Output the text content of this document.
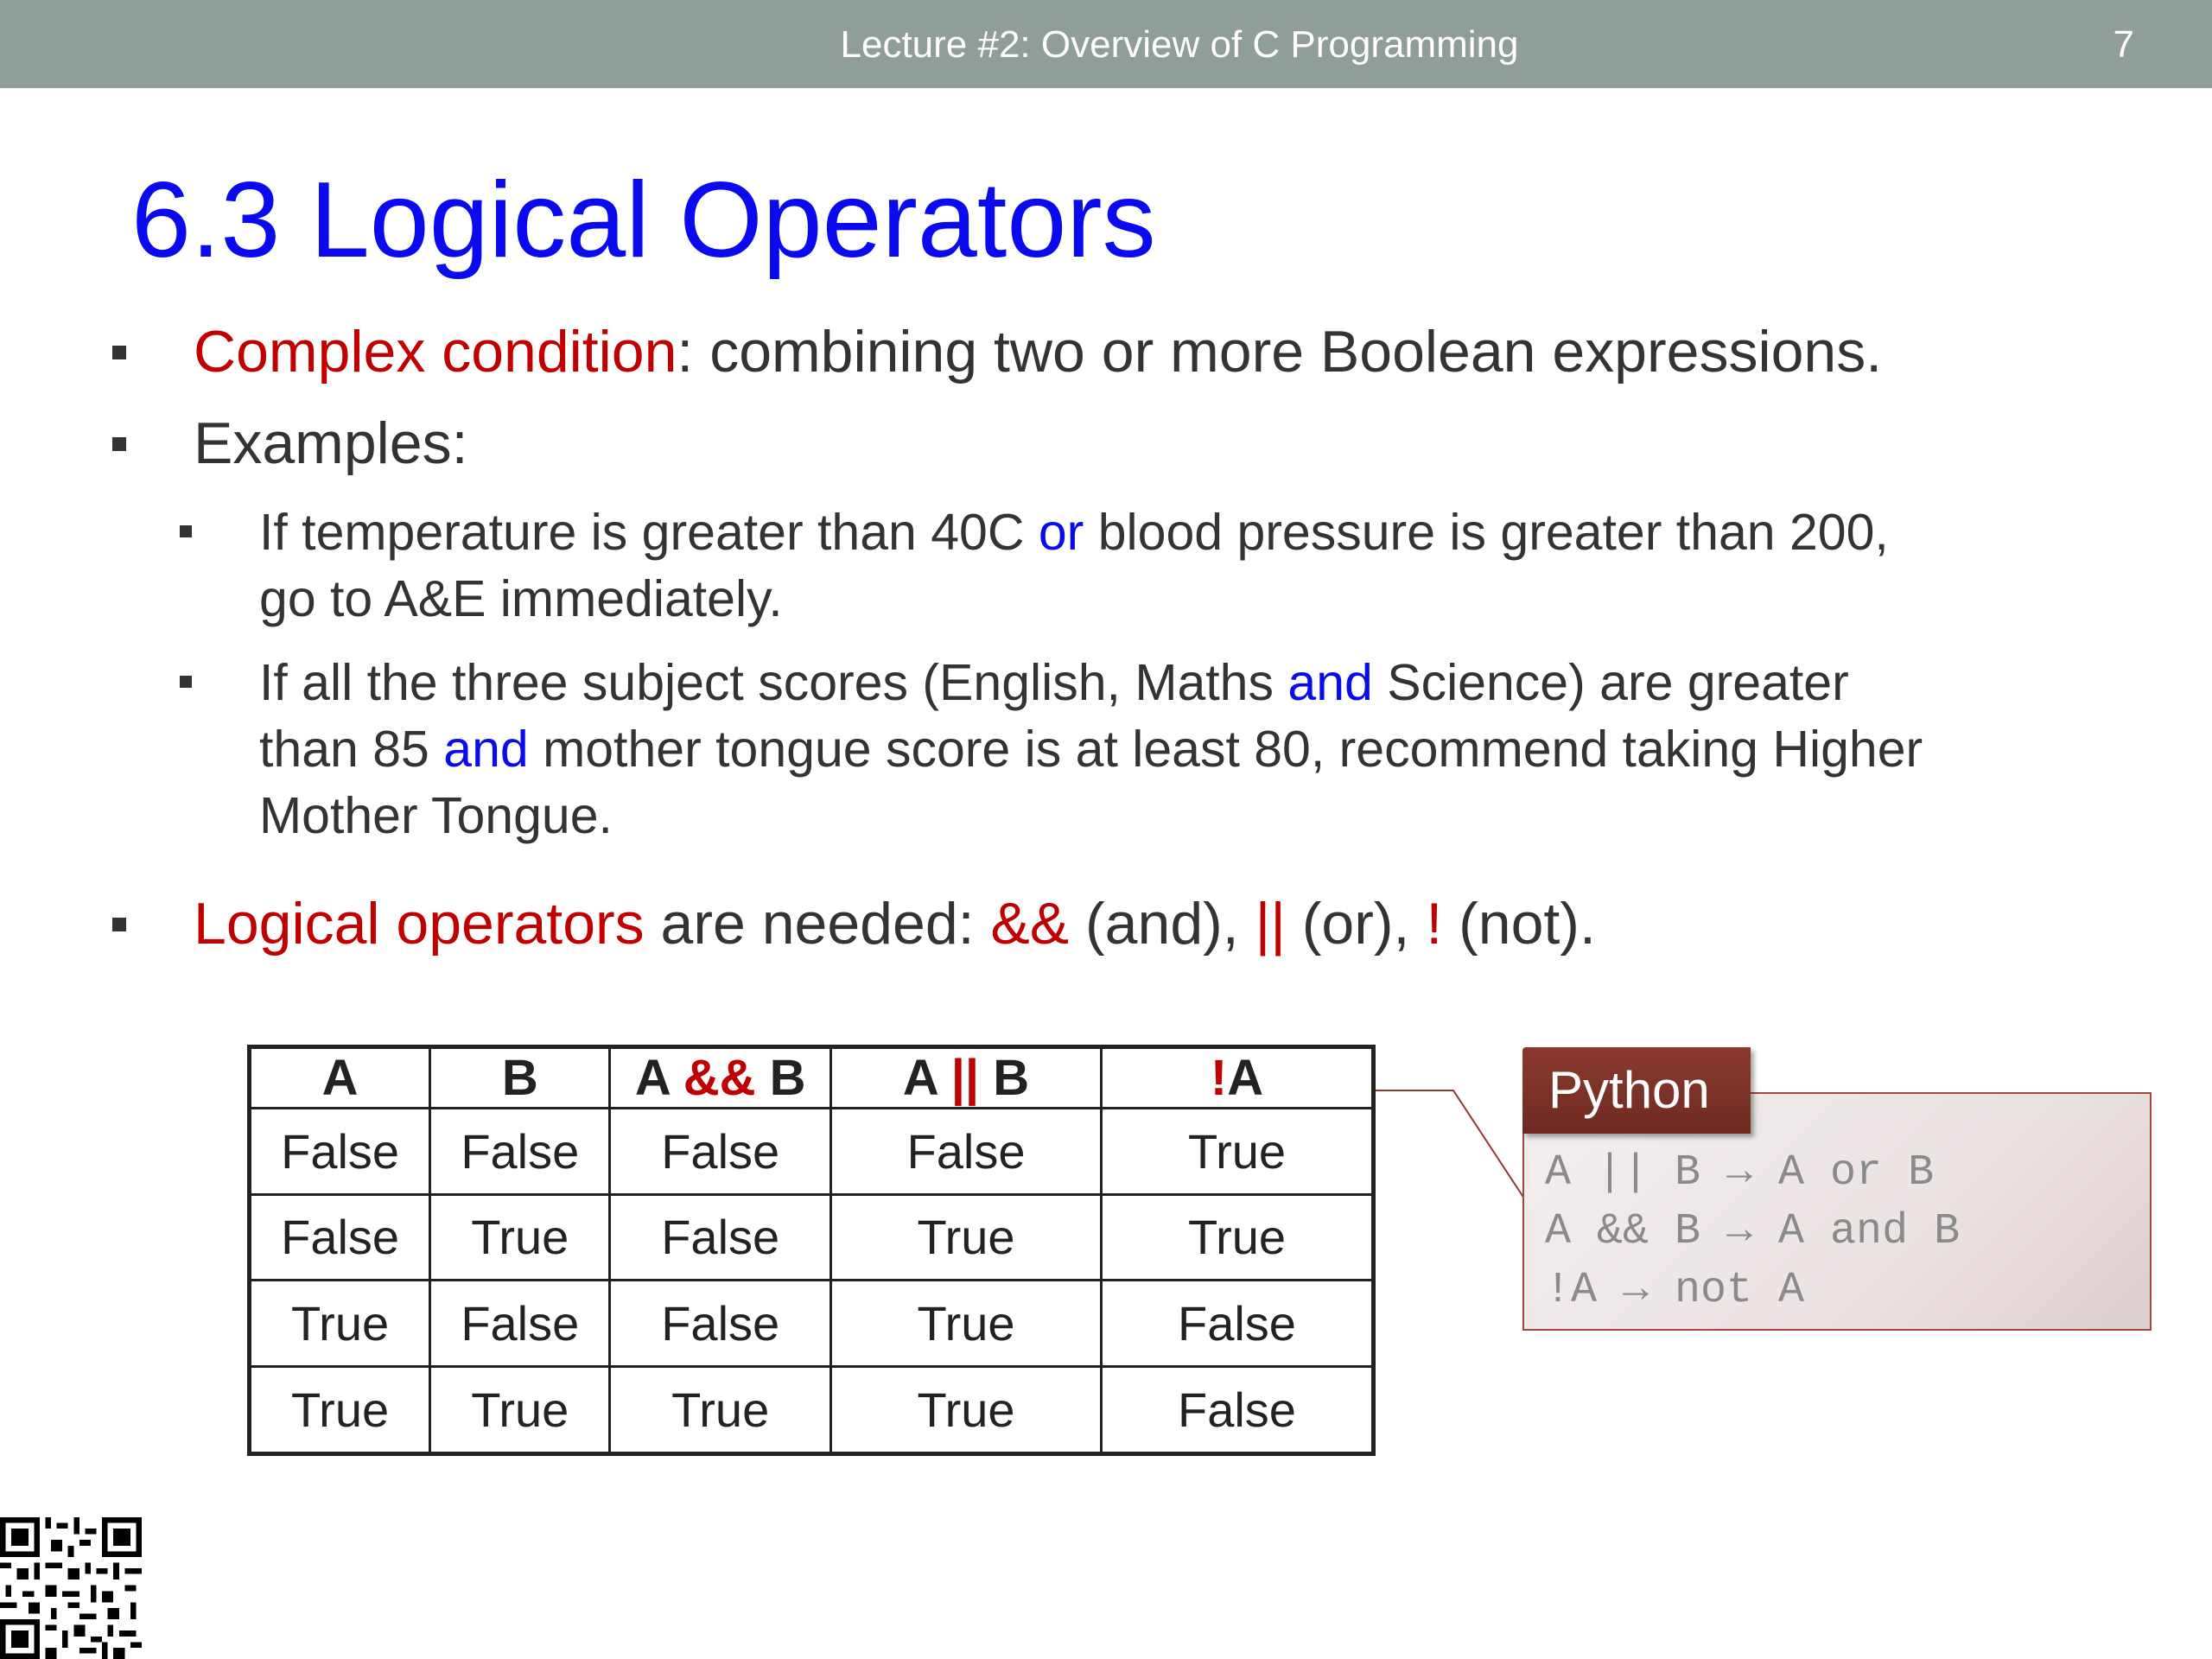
Lecture #2: Overview of C Programming	7
6.3 Logical Operators
Complex condition: combining two or more Boolean expressions.
Examples:
If temperature is greater than 40C or blood pressure is greater than 200,
go to A&E immediately.
If all the three subject scores (English, Maths and Science) are greater
than 85 and mother tongue score is at least 80, recommend taking Higher
Mother Tongue.
Logical operators are needed: && (and), || (or), ! (not).
A	B	A && B	A || B	!A
False	False	False	False	True
False	True	False	True	True
True	False	False	True	False
True	True	True	True	False
Python
A || B → A or B
A && B → A and B
!A → not A
